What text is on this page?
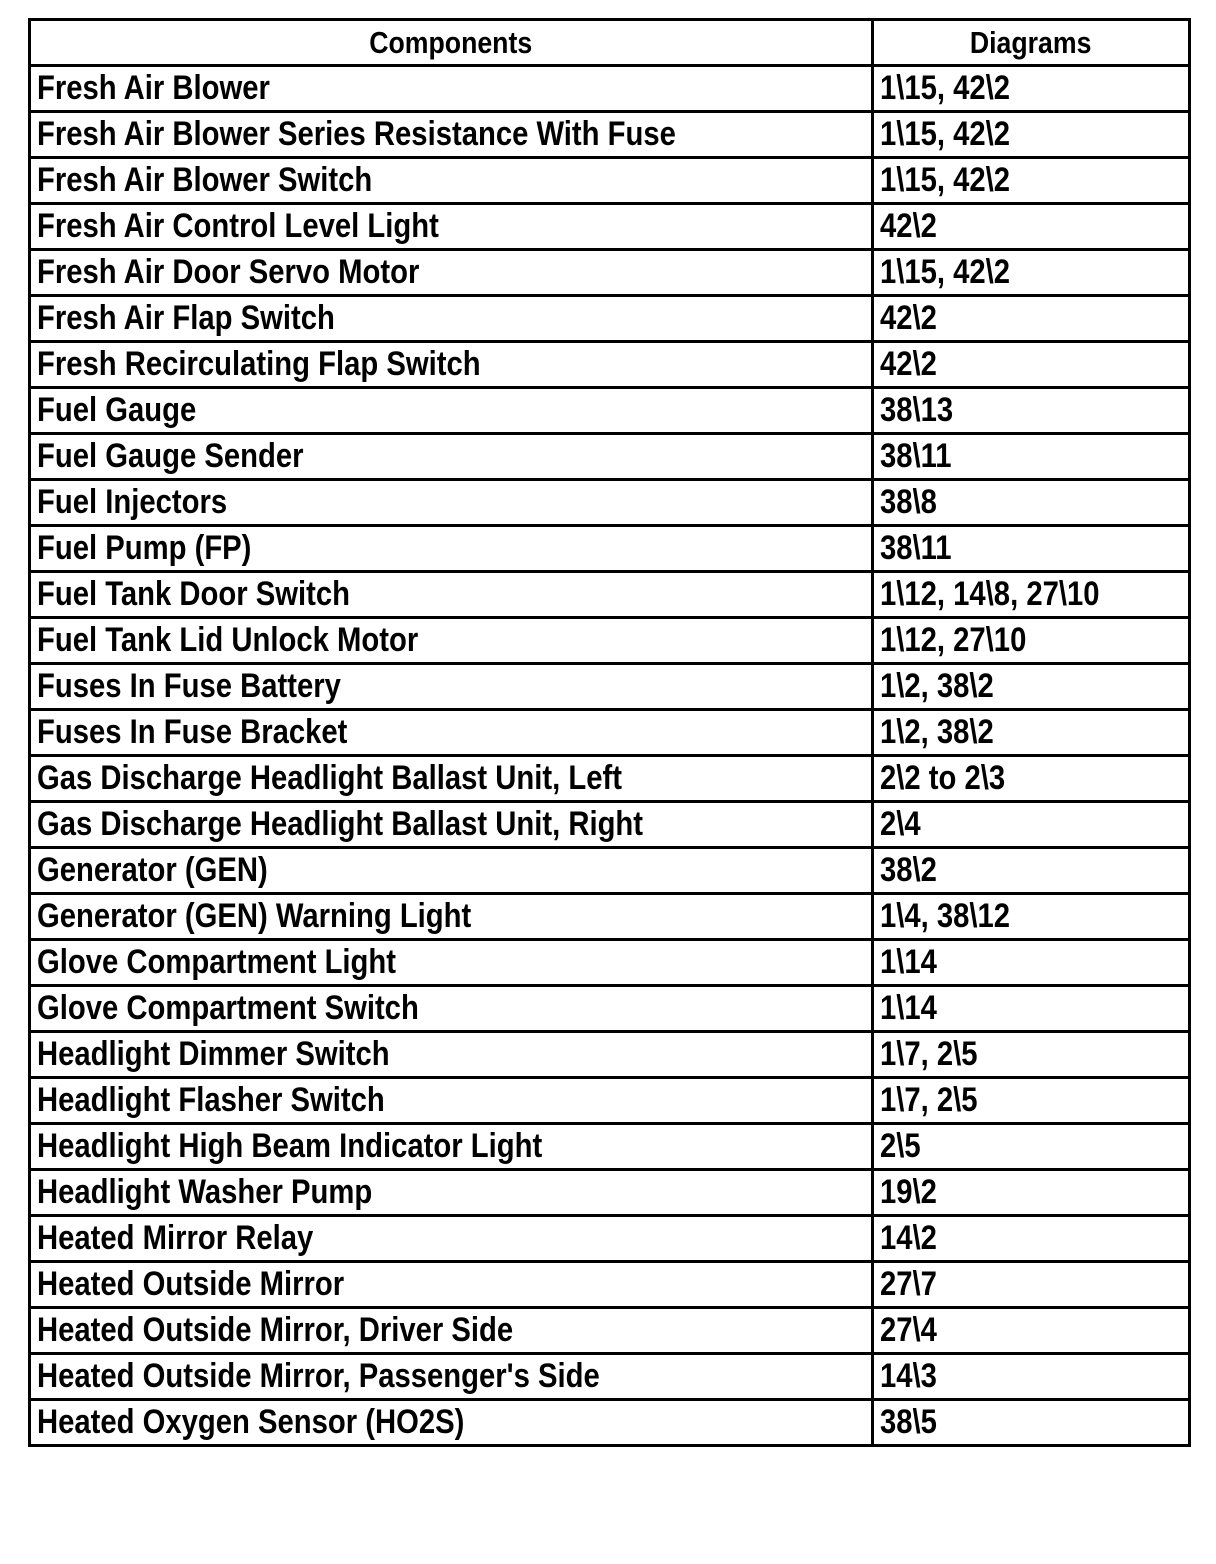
Components	Diagrams
Fresh Air Blower	1\15, 42\2
Fresh Air Blower Series Resistance With Fuse	1\15, 42\2
Fresh Air Blower Switch	1\15, 42\2
Fresh Air Control Level Light	42\2
Fresh Air Door Servo Motor	1\15, 42\2
Fresh Air Flap Switch	42\2
Fresh Recirculating Flap Switch	42\2
Fuel Gauge	38\13
Fuel Gauge Sender	38\11
Fuel Injectors	38\8
Fuel Pump (FP)	38\11
Fuel Tank Door Switch	1\12, 14\8, 27\10
Fuel Tank Lid Unlock Motor	1\12, 27\10
Fuses In Fuse Battery	1\2, 38\2
Fuses In Fuse Bracket	1\2, 38\2
Gas Discharge Headlight Ballast Unit, Left	2\2 to 2\3
Gas Discharge Headlight Ballast Unit, Right	2\4
Generator (GEN)	38\2
Generator (GEN) Warning Light	1\4, 38\12
Glove Compartment Light	1\14
Glove Compartment Switch	1\14
Headlight Dimmer Switch	1\7, 2\5
Headlight Flasher Switch	1\7, 2\5
Headlight High Beam Indicator Light	2\5
Headlight Washer Pump	19\2
Heated Mirror Relay	14\2
Heated Outside Mirror	27\7
Heated Outside Mirror, Driver Side	27\4
Heated Outside Mirror, Passenger's Side	14\3
Heated Oxygen Sensor (HO2S)	38\5
